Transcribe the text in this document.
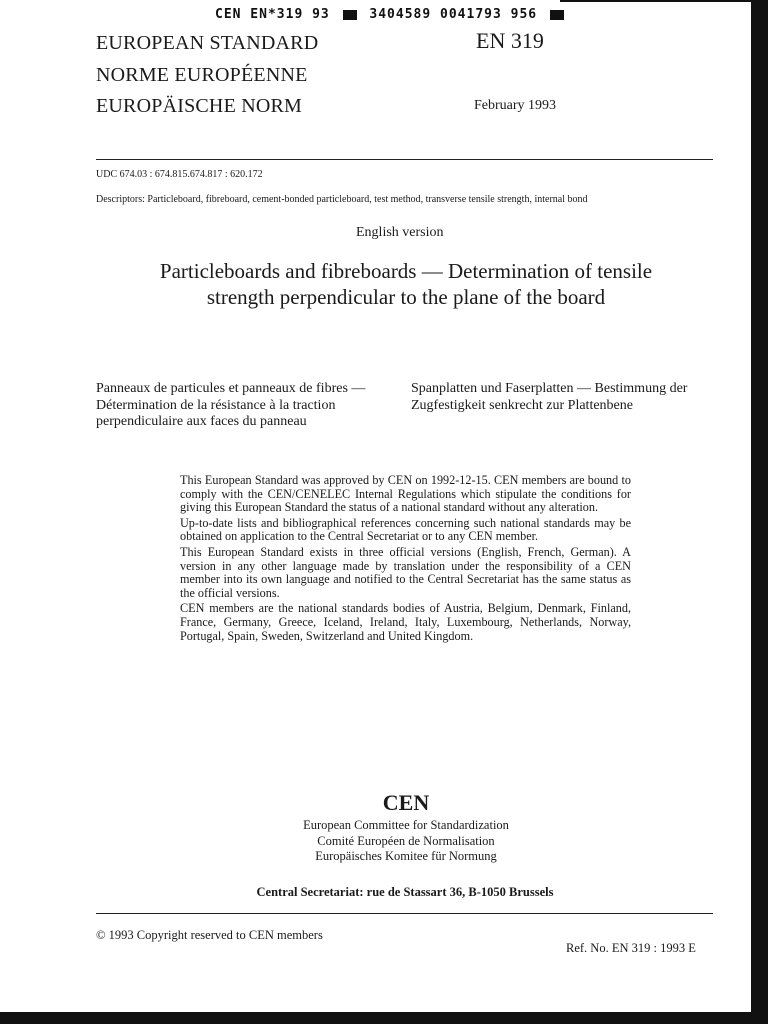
CEN EN*319 93	3404589 0041793 956
EUROPEAN STANDARD
NORME EUROPÉENNE
EUROPÄISCHE NORM
EN 319
February 1993
UDC 674.03 : 674.815.674.817 : 620.172
Descriptors: Particleboard, fibreboard, cement-bonded particleboard, test method, transverse tensile strength, internal bond
English version
Particleboards and fibreboards — Determination of tensile
strength perpendicular to the plane of the board
Panneaux de particules et panneaux de fibres — Détermination de la résistance à la traction perpendiculaire aux faces du panneau
Spanplatten und Faserplatten — Bestimmung der Zugfestigkeit senkrecht zur Plattenbene

This European Standard was approved by CEN on 1992-12-15. CEN members are bound to comply with the CEN/CENELEC Internal Regulations which stipulate the conditions for giving this European Standard the status of a national standard without any alteration.

Up-to-date lists and bibliographical references concerning such national standards may be obtained on application to the Central Secretariat or to any CEN member.

This European Standard exists in three official versions (English, French, German). A version in any other language made by translation under the responsibility of a CEN member into its own language and notified to the Central Secretariat has the same status as the official versions.

CEN members are the national standards bodies of Austria, Belgium, Denmark, Finland, France, Germany, Greece, Iceland, Ireland, Italy, Luxembourg, Netherlands, Norway, Portugal, Spain, Sweden, Switzerland and United Kingdom.

CEN
European Committee for Standardization
Comité Européen de Normalisation
Europäisches Komitee für Normung
Central Secretariat: rue de Stassart 36, B-1050 Brussels
© 1993 Copyright reserved to CEN members
Ref. No. EN 319 : 1993 E
